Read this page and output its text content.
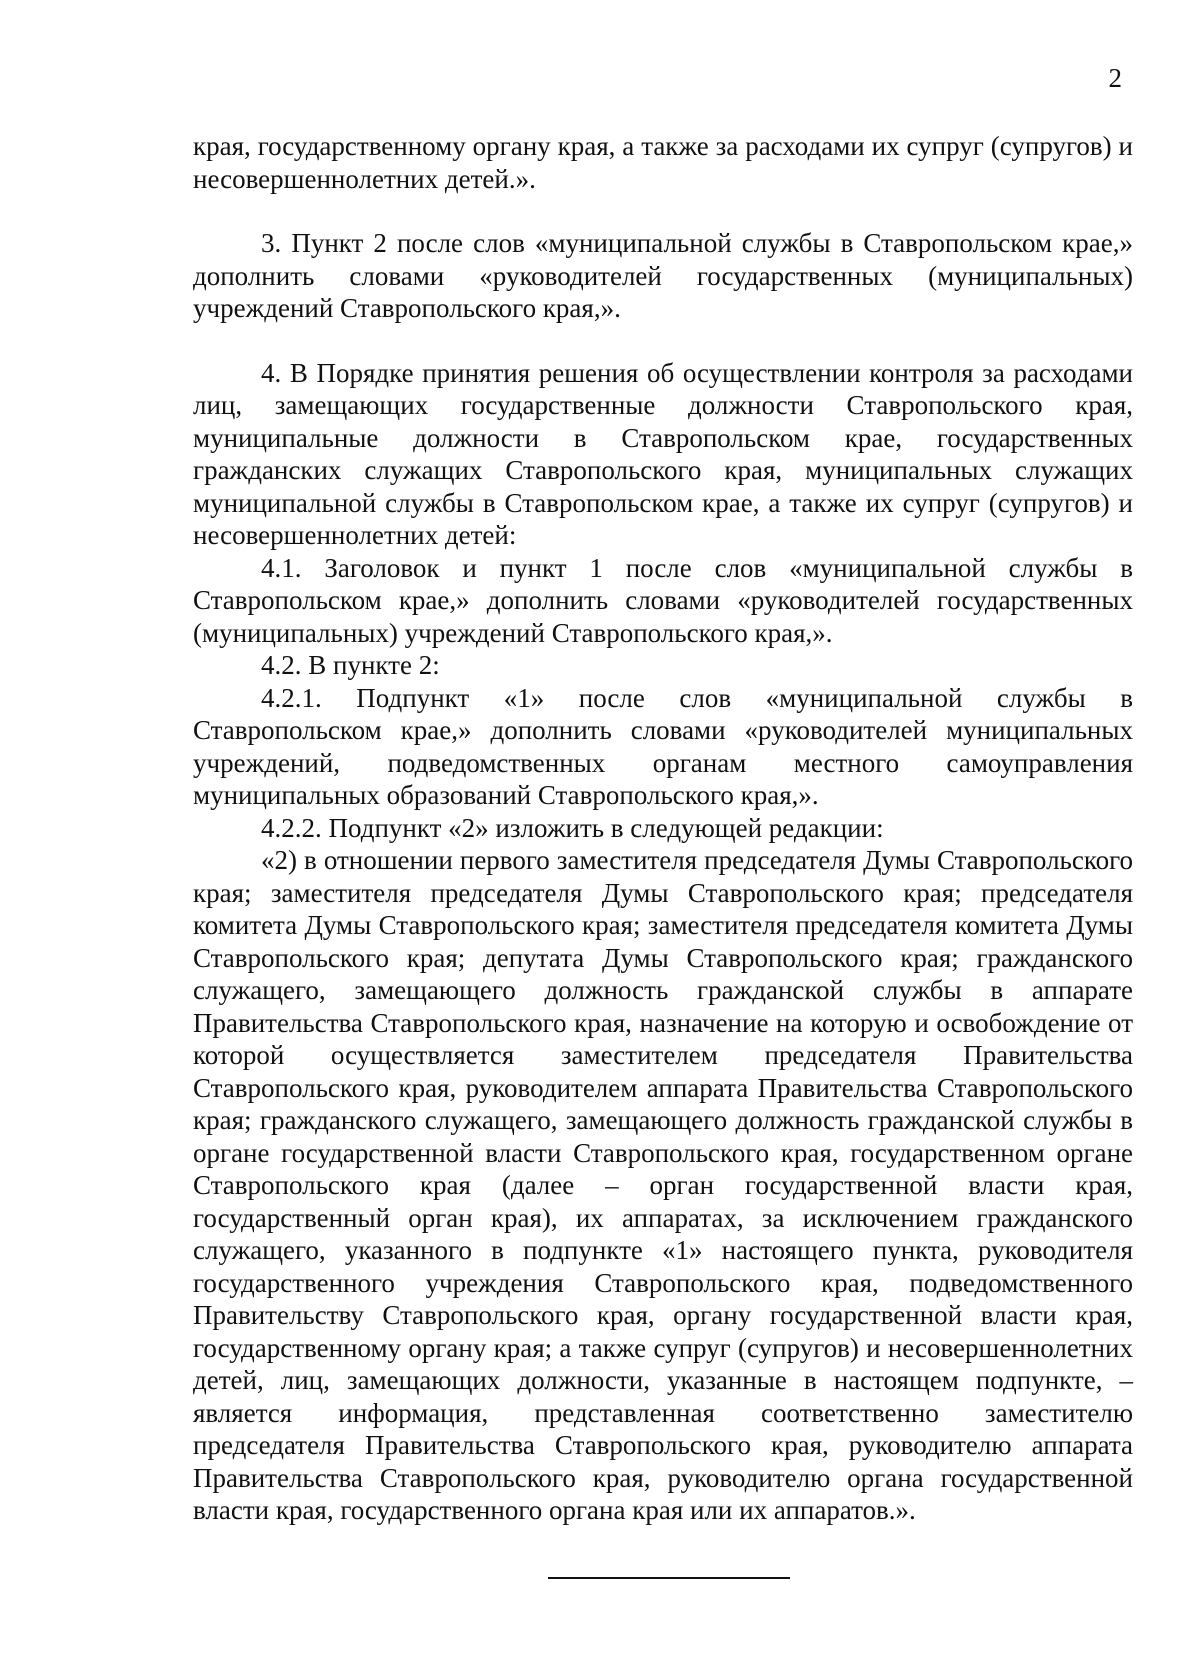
2

края, государственному органу края, а также за расходами их супруг (супругов) и несовершеннолетних детей.».

3. Пункт 2 после слов «муниципальной службы в Ставропольском крае,» дополнить словами «руководителей государственных (муниципальных) учреждений Ставропольского края,».

4. В Порядке принятия решения об осуществлении контроля за расходами лиц, замещающих государственные должности Ставропольского края, муниципальные должности в Ставропольском крае, государственных гражданских служащих Ставропольского края, муниципальных служащих муниципальной службы в Ставропольском крае, а также их супруг (супругов) и несовершеннолетних детей:

4.1. Заголовок и пункт 1 после слов «муниципальной службы в Ставропольском крае,» дополнить словами «руководителей государственных (муниципальных) учреждений Ставропольского края,».

4.2. В пункте 2:

4.2.1. Подпункт «1» после слов «муниципальной службы в Ставропольском крае,» дополнить словами «руководителей муниципальных учреждений, подведомственных органам местного самоуправления муниципальных образований Ставропольского края,».

4.2.2. Подпункт «2» изложить в следующей редакции:

«2) в отношении первого заместителя председателя Думы Ставропольского края; заместителя председателя Думы Ставропольского края; председателя комитета Думы Ставропольского края; заместителя председателя комитета Думы Ставропольского края; депутата Думы Ставропольского края; гражданского служащего, замещающего должность гражданской службы в аппарате Правительства Ставропольского края, назначение на которую и освобождение от которой осуществляется заместителем председателя Правительства Ставропольского края, руководителем аппарата Правительства Ставропольского края; гражданского служащего, замещающего должность гражданской службы в органе государственной власти Ставропольского края, государственном органе Ставропольского края (далее – орган государственной власти края, государственный орган края), их аппаратах, за исключением гражданского служащего, указанного в подпункте «1» настоящего пункта, руководителя государственного учреждения Ставропольского края, подведомственного Правительству Ставропольского края, органу государственной власти края, государственному органу края; а также супруг (супругов) и несовершеннолетних детей, лиц, замещающих должности, указанные в настоящем подпункте, – является информация, представленная соответственно заместителю председателя Правительства Ставропольского края, руководителю аппарата Правительства Ставропольского края, руководителю органа государственной власти края, государственного органа края или их аппаратов.».
